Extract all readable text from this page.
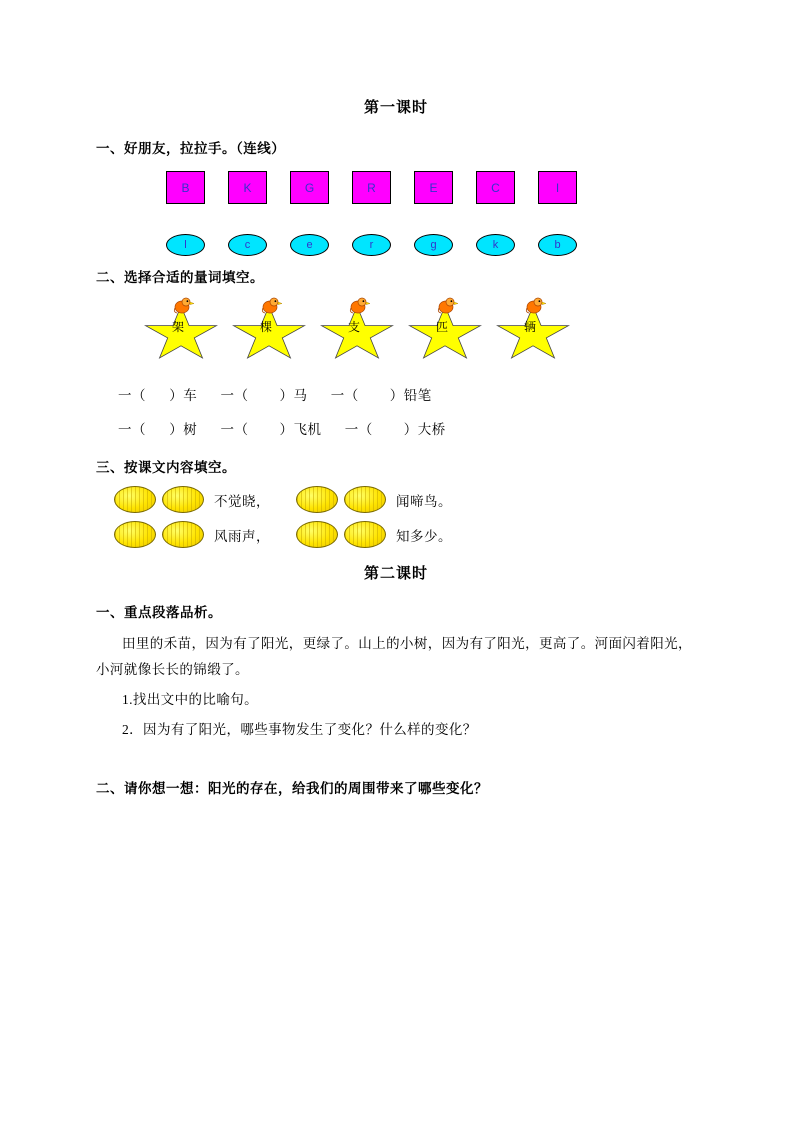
第一课时
一、好朋友，拉拉手。（连线）
B	K	G	R	E	C	I
l	c	e	r	g	k	b
二、选择合适的量词填空。
架	棵	支	匹	辆
一（      ）车 一（        ）马 一（        ）铅笔
一（      ）树 一（        ）飞机 一（        ）大桥
三、按课文内容填空。
不觉晓，	闻啼鸟。
风雨声，	知多少。
第二课时
一、重点段落品析。
田里的禾苗，因为有了阳光，更绿了。山上的小树，因为有了阳光，更高了。河面闪着阳光，小河就像长长的锦缎了。
1.找出文中的比喻句。
2．因为有了阳光，哪些事物发生了变化？什么样的变化？
二、请你想一想：阳光的存在，给我们的周围带来了哪些变化？
